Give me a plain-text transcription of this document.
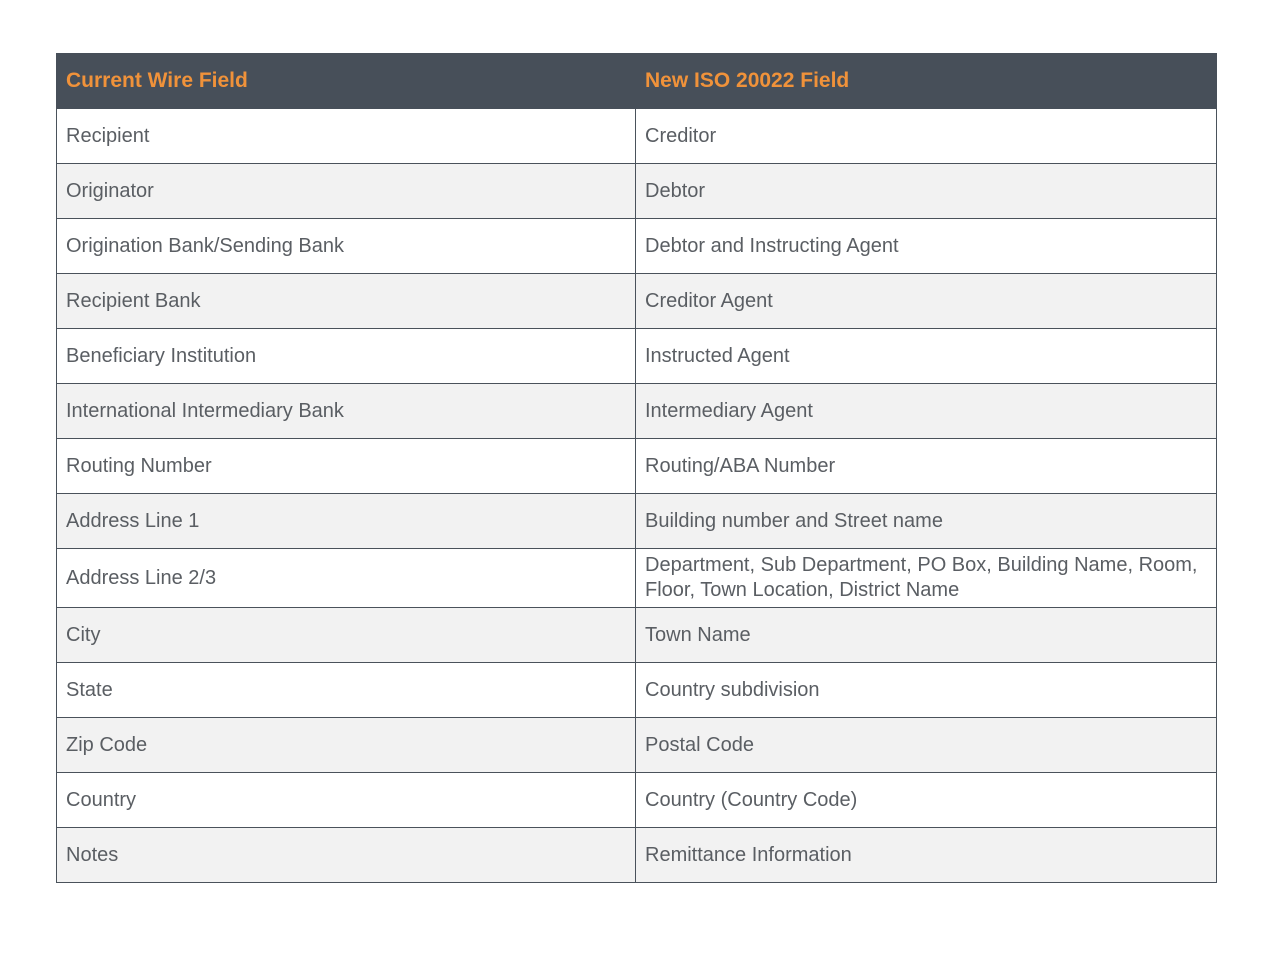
Current Wire Field	New ISO 20022 Field
Recipient	Creditor
Originator	Debtor
Origination Bank/Sending Bank	Debtor and Instructing Agent
Recipient Bank	Creditor Agent
Beneficiary Institution	Instructed Agent
International Intermediary Bank	Intermediary Agent
Routing Number	Routing/ABA Number
Address Line 1	Building number and Street name
Address Line 2/3	Department, Sub Department, PO Box, Building Name, Room, Floor, Town Location, District Name
City	Town Name
State	Country subdivision
Zip Code	Postal Code
Country	Country (Country Code)
Notes	Remittance Information
